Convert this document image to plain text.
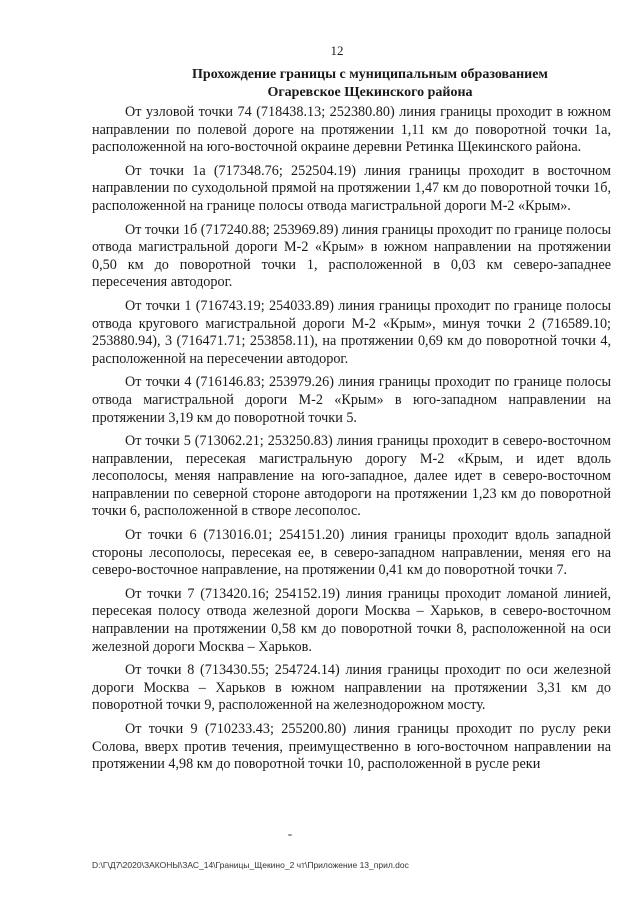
12
Прохождение границы с муниципальным образованием
Огаревское Щекинского района

От узловой точки 74 (718438.13; 252380.80) линия границы проходит в южном направлении по полевой дороге на протяжении 1,11 км до поворотной точки 1а, расположенной на юго-восточной окраине деревни Ретинка Щекинского района.

От точки 1а (717348.76; 252504.19) линия границы проходит в восточном направлении по суходольной прямой на протяжении 1,47 км до поворотной точки 1б, расположенной на границе полосы отвода магистральной дороги М-2 «Крым».

От точки 1б (717240.88; 253969.89) линия границы проходит по границе полосы отвода магистральной дороги М-2 «Крым» в южном направлении на протяжении 0,50 км до поворотной точки 1, расположенной в 0,03 км северо-западнее пересечения автодорог.

От точки 1 (716743.19; 254033.89) линия границы проходит по границе полосы отвода кругового магистральной дороги М-2 «Крым», минуя точки 2 (716589.10; 253880.94), 3 (716471.71; 253858.11), на протяжении 0,69 км до поворотной точки 4, расположенной на пересечении автодорог.

От точки 4 (716146.83; 253979.26) линия границы проходит по границе полосы отвода магистральной дороги М-2 «Крым» в юго-западном направлении на протяжении 3,19 км до поворотной точки 5.

От точки 5 (713062.21; 253250.83) линия границы проходит в северо-восточном направлении, пересекая магистральную дорогу М-2 «Крым, и идет вдоль лесополосы, меняя направление на юго-западное, далее идет в северо-восточном направлении по северной стороне автодороги на протяжении 1,23 км до поворотной точки 6, расположенной в створе лесополос.

От точки 6 (713016.01; 254151.20) линия границы проходит вдоль западной стороны лесополосы, пересекая ее, в северо-западном направлении, меняя его на северо-восточное направление, на протяжении 0,41 км до поворотной точки 7.

От точки 7 (713420.16; 254152.19) линия границы проходит ломаной линией, пересекая полосу отвода железной дороги Москва – Харьков, в северо-восточном направлении на протяжении 0,58 км до поворотной точки 8, расположенной на оси железной дороги Москва – Харьков.

От точки 8 (713430.55; 254724.14) линия границы проходит по оси железной дороги Москва – Харьков в южном направлении на протяжении 3,31 км до поворотной точки 9, расположенной на железнодорожном мосту.

От точки 9 (710233.43; 255200.80) линия границы проходит по руслу реки Солова, вверх против течения, преимущественно в юго-восточном направлении на протяжении 4,98 км до поворотной точки 10, расположенной в русле реки

D:\Г\Д7\2020\ЗАКОНЫ\ЗАС_14\Границы_Щекино_2 чт\Приложение 13_прил.doc
